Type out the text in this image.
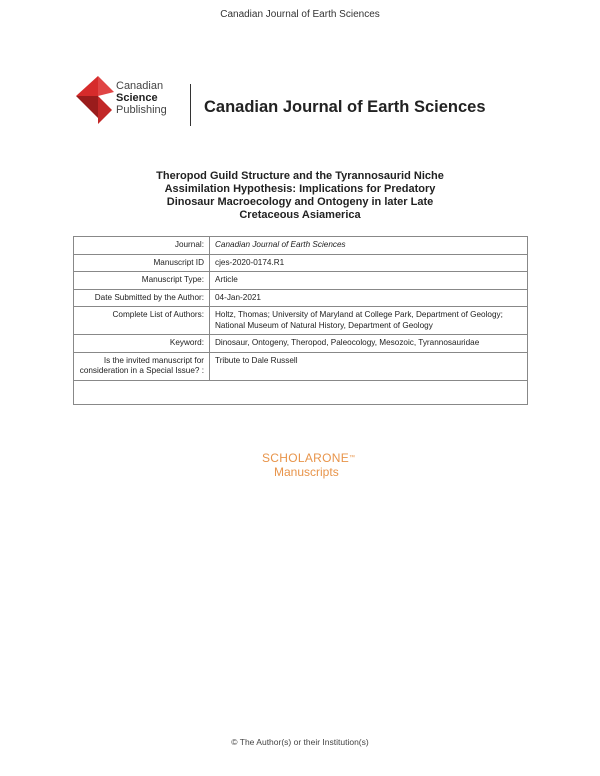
Canadian Journal of Earth Sciences
Canadian
Science
Publishing Canadian Journal of Earth Sciences
Theropod Guild Structure and the Tyrannosaurid Niche
Assimilation Hypothesis: Implications for Predatory
Dinosaur Macroecology and Ontogeny in later Late
Cretaceous Asiamerica
Journal:	Canadian Journal of Earth Sciences
Manuscript ID	cjes-2020-0174.R1
Manuscript Type:	Article
Date Submitted by the Author:	04-Jan-2021
Complete List of Authors:	Holtz, Thomas; University of Maryland at College Park, Department of Geology; National Museum of Natural History, Department of Geology
Keyword:	Dinosaur, Ontogeny, Theropod, Paleocology, Mesozoic, Tyrannosauridae
Is the invited manuscript for consideration in a Special Issue? :	Tribute to Dale Russell

SCHOLARONE™
Manuscripts
© The Author(s) or their Institution(s)
